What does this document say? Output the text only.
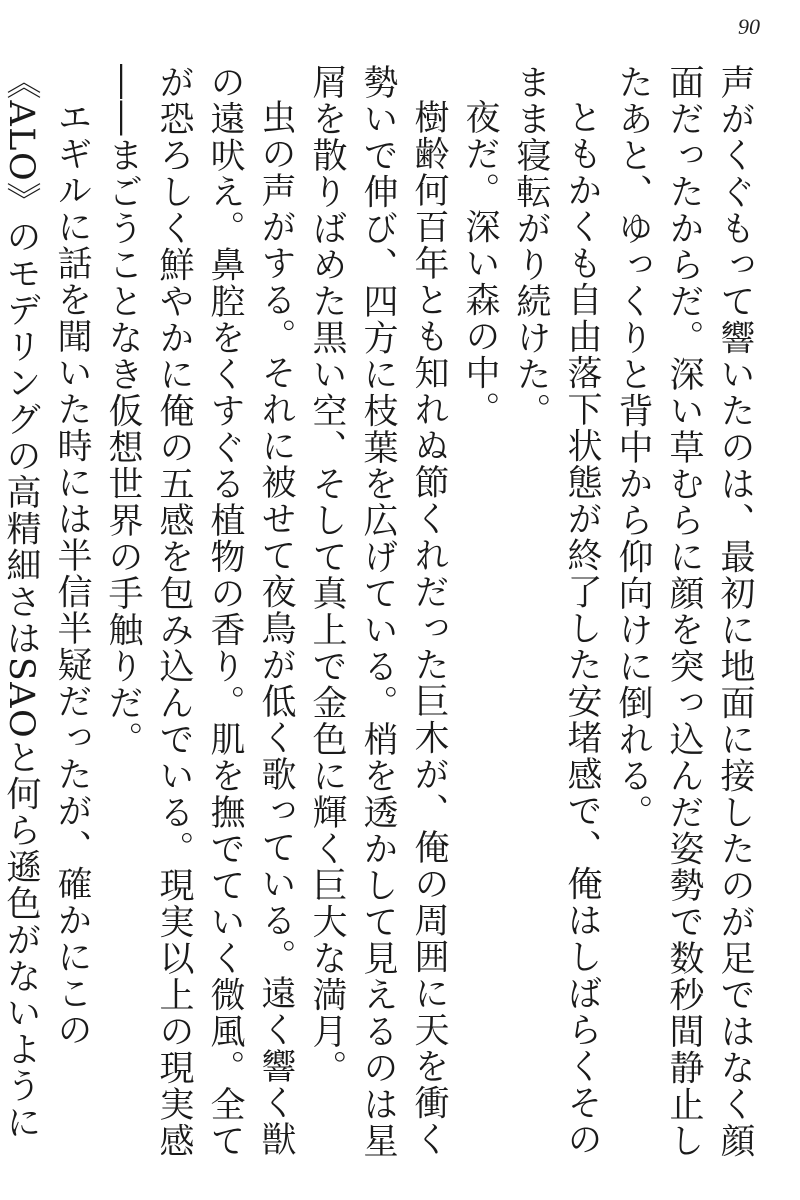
90

声がくぐもって響いたのは、最初に地面に接したのが足ではなく顔面だったからだ。深い草むらに顔を突っ込んだ姿勢で数秒間静止したあと、ゆっくりと背中から仰向けに倒れる。

ともかくも自由落下状態が終了した安堵感で、俺はしばらくそのまま寝転がり続けた。

夜だ。深い森の中。

樹齢何百年とも知れぬ節くれだった巨木が、俺の周囲に天を衝く勢いで伸び、四方に枝葉を広げている。梢を透かして見えるのは星屑を散りばめた黒い空、そして真上で金色に輝く巨大な満月。

虫の声がする。それに被せて夜鳥が低く歌っている。遠く響く獣の遠吠え。鼻腔をくすぐる植物の香り。肌を撫でていく微風。全てが恐ろしく鮮やかに俺の五感を包み込んでいる。現実以上の現実感――まごうことなき仮想世界の手触りだ。

エギルに話を聞いた時には半信半疑だったが、確かにこの《ALO》のモデリングの高精細さはSAOと何ら遜色がないように
